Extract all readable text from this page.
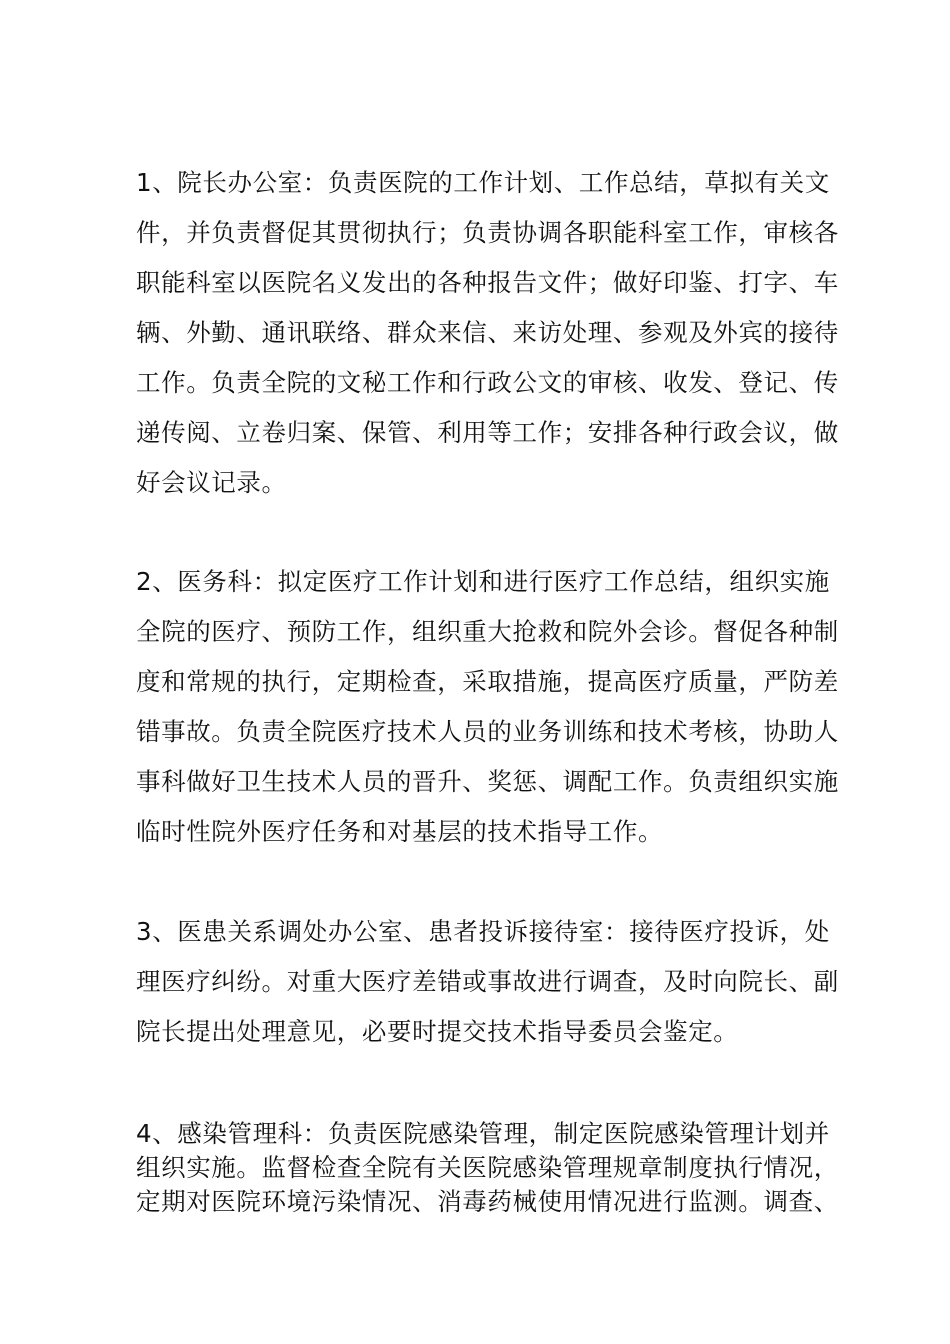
1、院长办公室：负责医院的工作计划、工作总结，草拟有关文
件，并负责督促其贯彻执行；负责协调各职能科室工作，审核各
职能科室以医院名义发出的各种报告文件；做好印鉴、打字、车
辆、外勤、通讯联络、群众来信、来访处理、参观及外宾的接待
工作。负责全院的文秘工作和行政公文的审核、收发、登记、传
递传阅、立卷归案、保管、利用等工作；安排各种行政会议，做
好会议记录。
2、医务科：拟定医疗工作计划和进行医疗工作总结，组织实施
全院的医疗、预防工作，组织重大抢救和院外会诊。督促各种制
度和常规的执行，定期检查，采取措施，提高医疗质量，严防差
错事故。负责全院医疗技术人员的业务训练和技术考核，协助人
事科做好卫生技术人员的晋升、奖惩、调配工作。负责组织实施
临时性院外医疗任务和对基层的技术指导工作。
3、医患关系调处办公室、患者投诉接待室：接待医疗投诉，处
理医疗纠纷。对重大医疗差错或事故进行调查，及时向院长、副
院长提出处理意见，必要时提交技术指导委员会鉴定。
4、感染管理科：负责医院感染管理，制定医院感染管理计划并
组织实施。监督检查全院有关医院感染管理规章制度执行情况，
定期对医院环境污染情况、消毒药械使用情况进行监测。调查、
